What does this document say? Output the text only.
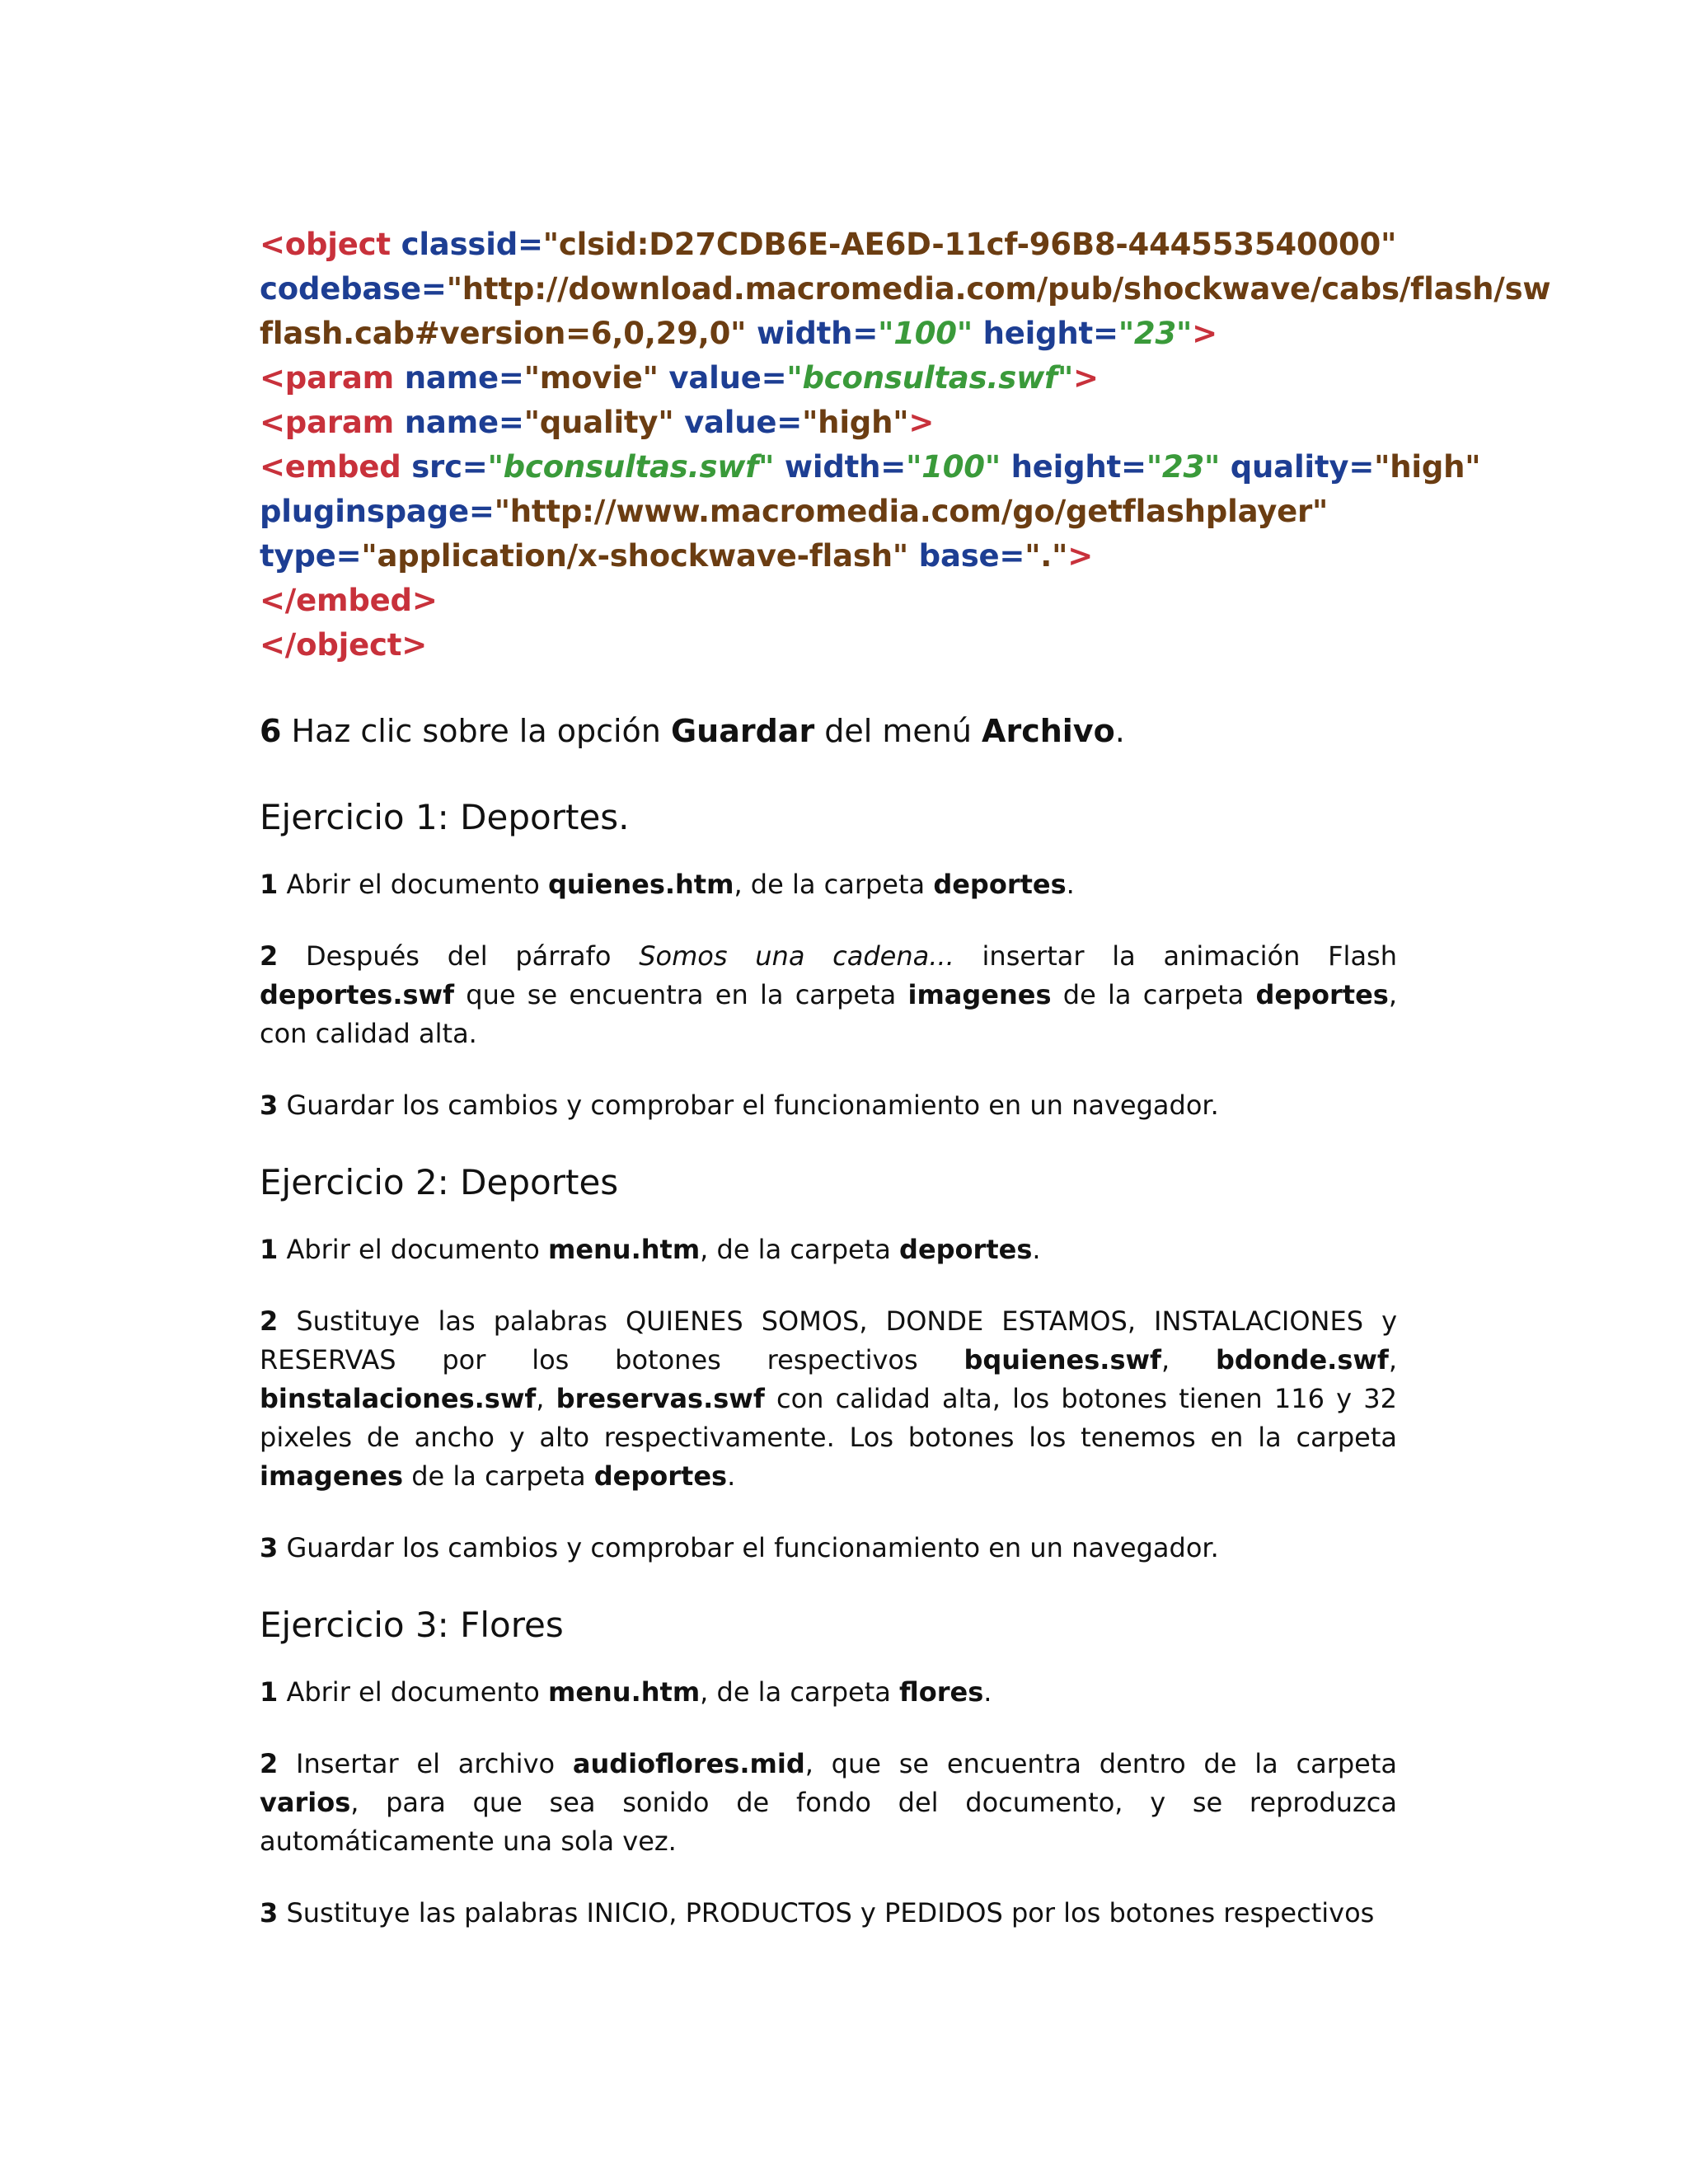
<object classid="clsid:D27CDB6E-AE6D-11cf-96B8-444553540000"
codebase="http://download.macromedia.com/pub/shockwave/cabs/flash/sw
flash.cab#version=6,0,29,0" width="100" height="23">
<param name="movie" value="bconsultas.swf">
<param name="quality" value="high">
<embed src="bconsultas.swf" width="100" height="23" quality="high"
pluginspage="http://www.macromedia.com/go/getflashplayer"
type="application/x-shockwave-flash" base=".">
</embed>
</object>
6 Haz clic sobre la opción Guardar del menú Archivo.
Ejercicio 1: Deportes.

1 Abrir el documento quienes.htm, de la carpeta deportes.

2 Después del párrafo Somos una cadena... insertar la animación Flash deportes.swf que se encuentra en la carpeta imagenes de la carpeta deportes, con calidad alta.

3 Guardar los cambios y comprobar el funcionamiento en un navegador.

Ejercicio 2: Deportes

1 Abrir el documento menu.htm, de la carpeta deportes.

2 Sustituye las palabras QUIENES SOMOS, DONDE ESTAMOS, INSTALACIONES y RESERVAS por los botones respectivos bquienes.swf, bdonde.swf, binstalaciones.swf, breservas.swf con calidad alta, los botones tienen 116 y 32 pixeles de ancho y alto respectivamente. Los botones los tenemos en la carpeta imagenes de la carpeta deportes.

3 Guardar los cambios y comprobar el funcionamiento en un navegador.

Ejercicio 3: Flores

1 Abrir el documento menu.htm, de la carpeta flores.

2 Insertar el archivo audioflores.mid, que se encuentra dentro de la carpeta varios, para que sea sonido de fondo del documento, y se reproduzca automáticamente una sola vez.

3 Sustituye las palabras INICIO, PRODUCTOS y PEDIDOS por los botones respectivos
